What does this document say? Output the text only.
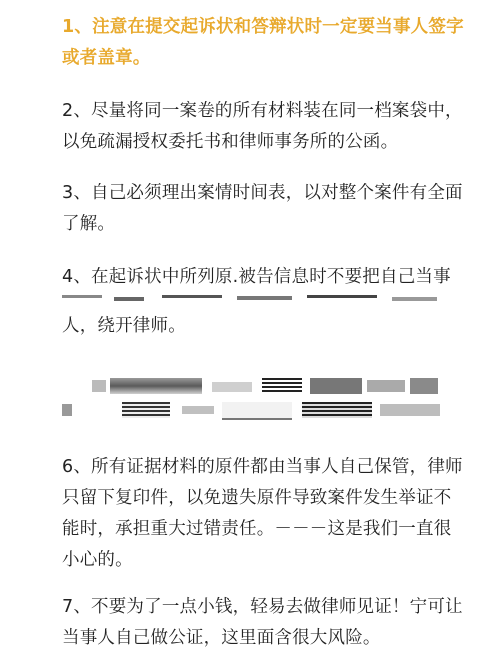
1、注意在提交起诉状和答辩状时一定要当事人签字
或者盖章。

2、尽量将同一案卷的所有材料装在同一档案袋中，
以免疏漏授权委托书和律师事务所的公函。

3、自己必须理出案情时间表，以对整个案件有全面
了解。

4、在起诉状中所列原.被告信息时不要把自己当事
人，绕开律师。

6、所有证据材料的原件都由当事人自己保管，律师
只留下复印件，以免遗失原件导致案件发生举证不
能时，承担重大过错责任。－－－这是我们一直很
小心的。

7、不要为了一点小钱，轻易去做律师见证！宁可让
当事人自己做公证，这里面含很大风险。
